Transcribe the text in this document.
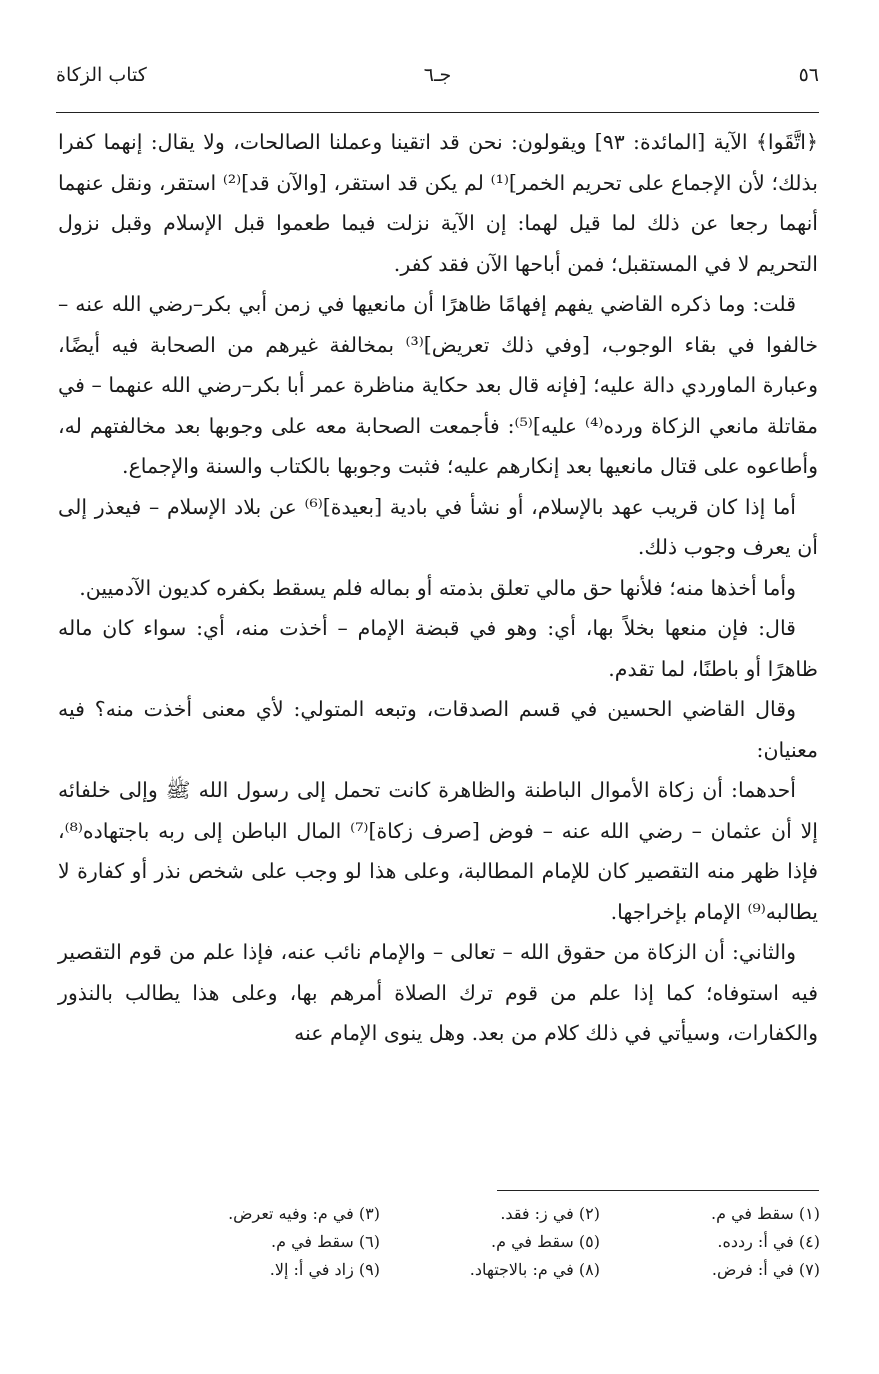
٥٦
جـ٦
كتاب الزكاة

﴿اتَّقَوا﴾ الآية [المائدة: ٩٣] ويقولون: نحن قد اتقينا وعملنا الصالحات، ولا يقال: إنهما كفرا بذلك؛ لأن الإجماع على تحريم الخمر]⁽¹⁾ لم يكن قد استقر، [والآن قد]⁽²⁾ استقر، ونقل عنهما أنهما رجعا عن ذلك لما قيل لهما: إن الآية نزلت فيما طعموا قبل الإسلام وقبل نزول التحريم لا في المستقبل؛ فمن أباحها الآن فقد كفر.

قلت: وما ذكره القاضي يفهم إفهامًا ظاهرًا أن مانعيها في زمن أبي بكر–رضي الله عنه – خالفوا في بقاء الوجوب، [وفي ذلك تعريض]⁽³⁾ بمخالفة غيرهم من الصحابة فيه أيضًا، وعبارة الماوردي دالة عليه؛ [فإنه قال بعد حكاية مناظرة عمر أبا بكر–رضي الله عنهما – في مقاتلة مانعي الزكاة ورده⁽⁴⁾ عليه]⁽⁵⁾: فأجمعت الصحابة معه على وجوبها بعد مخالفتهم له، وأطاعوه على قتال مانعيها بعد إنكارهم عليه؛ فثبت وجوبها بالكتاب والسنة والإجماع.

أما إذا كان قريب عهد بالإسلام، أو نشأ في بادية [بعيدة]⁽⁶⁾ عن بلاد الإسلام – فيعذر إلى أن يعرف وجوب ذلك.

وأما أخذها منه؛ فلأنها حق مالي تعلق بذمته أو بماله فلم يسقط بكفره كديون الآدميين.

قال: فإن منعها بخلاً بها، أي: وهو في قبضة الإمام – أخذت منه، أي: سواء كان ماله ظاهرًا أو باطنًا، لما تقدم.

وقال القاضي الحسين في قسم الصدقات، وتبعه المتولي: لأي معنى أخذت منه؟ فيه معنيان:

أحدهما: أن زكاة الأموال الباطنة والظاهرة كانت تحمل إلى رسول الله ﷺ وإلى خلفائه إلا أن عثمان – رضي الله عنه – فوض [صرف زكاة]⁽⁷⁾ المال الباطن إلى ربه باجتهاده⁽⁸⁾، فإذا ظهر منه التقصير كان للإمام المطالبة، وعلى هذا لو وجب على شخص نذر أو كفارة لا يطالبه⁽⁹⁾ الإمام بإخراجها.

والثاني: أن الزكاة من حقوق الله – تعالى – والإمام نائب عنه، فإذا علم من قوم التقصير فيه استوفاه؛ كما إذا علم من قوم ترك الصلاة أمرهم بها، وعلى هذا يطالب بالنذور والكفارات، وسيأتي في ذلك كلام من بعد. وهل ينوى الإمام عنه

(١) سقط في م.
(٢) في ز: فقد.
(٣) في م: وفيه تعرض.
(٤) في أ: ردده.
(٥) سقط في م.
(٦) سقط في م.
(٧) في أ: فرض.
(٨) في م: بالاجتهاد.
(٩) زاد في أ: إلا.
